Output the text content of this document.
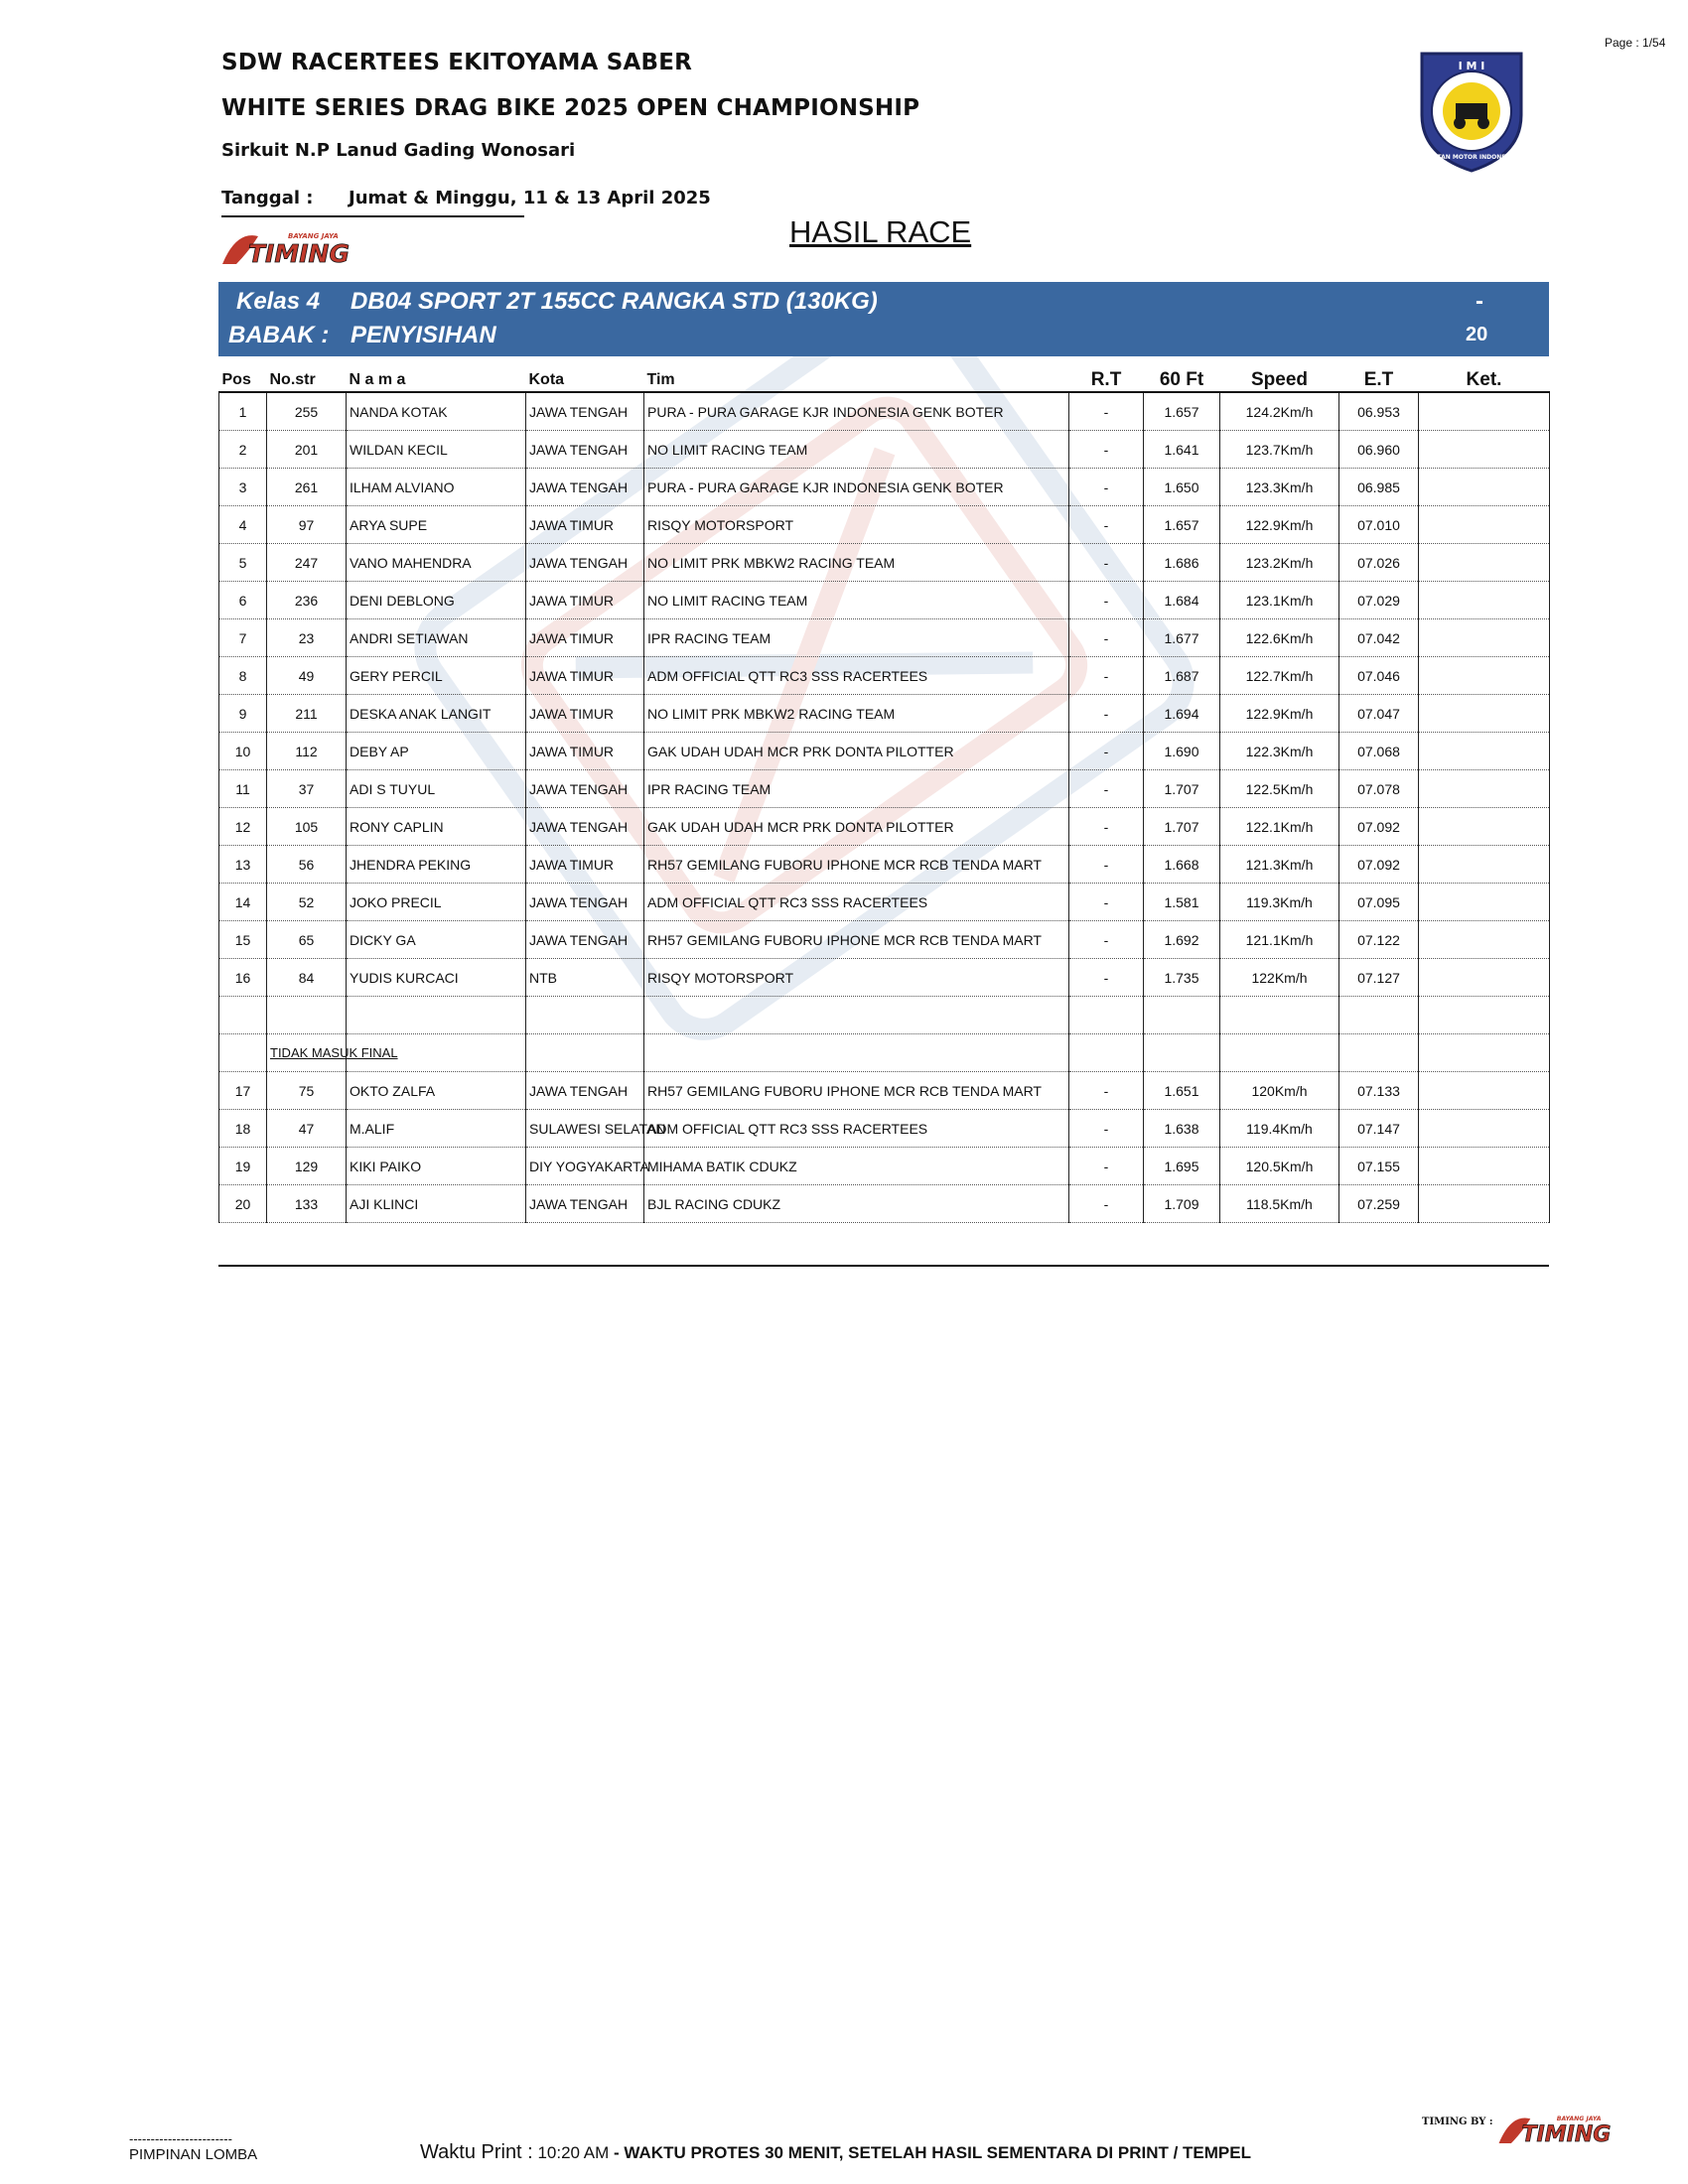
Page : 1/54
SDW RACERTEES EKITOYAMA SABER
WHITE SERIES DRAG BIKE 2025 OPEN CHAMPIONSHIP
Sirkuit N.P Lanud Gading Wonosari
I M I
IKATAN MOTOR INDONESIA
Tanggal : Jumat & Minggu, 11 & 13 April 2025
BAYANG JAYA
TIMING
HASIL RACE
Kelas 4 DB04 SPORT 2T 155CC RANGKA STD (130KG)
BABAK : PENYISIHAN
-
20
Pos	No.str	N a m a	Kota	Tim	R.T	60 Ft	Speed	E.T	Ket.
1	255	NANDA KOTAK	JAWA TENGAH	PURA - PURA GARAGE KJR INDONESIA GENK BOTER	-	1.657	124.2Km/h	06.953	
2	201	WILDAN KECIL	JAWA TENGAH	NO LIMIT RACING TEAM	-	1.641	123.7Km/h	06.960	
3	261	ILHAM ALVIANO	JAWA TENGAH	PURA - PURA GARAGE KJR INDONESIA GENK BOTER	-	1.650	123.3Km/h	06.985	
4	97	ARYA SUPE	JAWA TIMUR	RISQY MOTORSPORT	-	1.657	122.9Km/h	07.010	
5	247	VANO MAHENDRA	JAWA TENGAH	NO LIMIT PRK MBKW2 RACING TEAM	-	1.686	123.2Km/h	07.026	
6	236	DENI DEBLONG	JAWA TIMUR	NO LIMIT RACING TEAM	-	1.684	123.1Km/h	07.029	
7	23	ANDRI SETIAWAN	JAWA TIMUR	IPR RACING TEAM	-	1.677	122.6Km/h	07.042	
8	49	GERY PERCIL	JAWA TIMUR	ADM OFFICIAL QTT RC3 SSS RACERTEES	-	1.687	122.7Km/h	07.046	
9	211	DESKA ANAK LANGIT	JAWA TIMUR	NO LIMIT PRK MBKW2 RACING TEAM	-	1.694	122.9Km/h	07.047	
10	112	DEBY AP	JAWA TIMUR	GAK UDAH UDAH MCR PRK DONTA PILOTTER	-	1.690	122.3Km/h	07.068	
11	37	ADI S TUYUL	JAWA TENGAH	IPR RACING TEAM	-	1.707	122.5Km/h	07.078	
12	105	RONY CAPLIN	JAWA TENGAH	GAK UDAH UDAH MCR PRK DONTA PILOTTER	-	1.707	122.1Km/h	07.092	
13	56	JHENDRA PEKING	JAWA TIMUR	RH57 GEMILANG FUBORU IPHONE MCR RCB TENDA MART	-	1.668	121.3Km/h	07.092	
14	52	JOKO PRECIL	JAWA TENGAH	ADM OFFICIAL QTT RC3 SSS RACERTEES	-	1.581	119.3Km/h	07.095	
15	65	DICKY GA	JAWA TENGAH	RH57 GEMILANG FUBORU IPHONE MCR RCB TENDA MART	-	1.692	121.1Km/h	07.122	
16	84	YUDIS KURCACI	NTB	RISQY MOTORSPORT	-	1.735	122Km/h	07.127	

	TIDAK MASUK FINAL								
17	75	OKTO ZALFA	JAWA TENGAH	RH57 GEMILANG FUBORU IPHONE MCR RCB TENDA MART	-	1.651	120Km/h	07.133	
18	47	M.ALIF	SULAWESI SELATAN	ADM OFFICIAL QTT RC3 SSS RACERTEES	-	1.638	119.4Km/h	07.147	
19	129	KIKI PAIKO	DIY YOGYAKARTA	MIHAMA BATIK CDUKZ	-	1.695	120.5Km/h	07.155	
20	133	AJI KLINCI	JAWA TENGAH	BJL RACING CDUKZ	-	1.709	118.5Km/h	07.259	
------------------------
PIMPINAN LOMBA	Waktu Print : 10:20 AM - WAKTU PROTES 30 MENIT, SETELAH HASIL SEMENTARA DI PRINT / TEMPEL
TIMING BY :	BAYANG JAYA
TIMING
